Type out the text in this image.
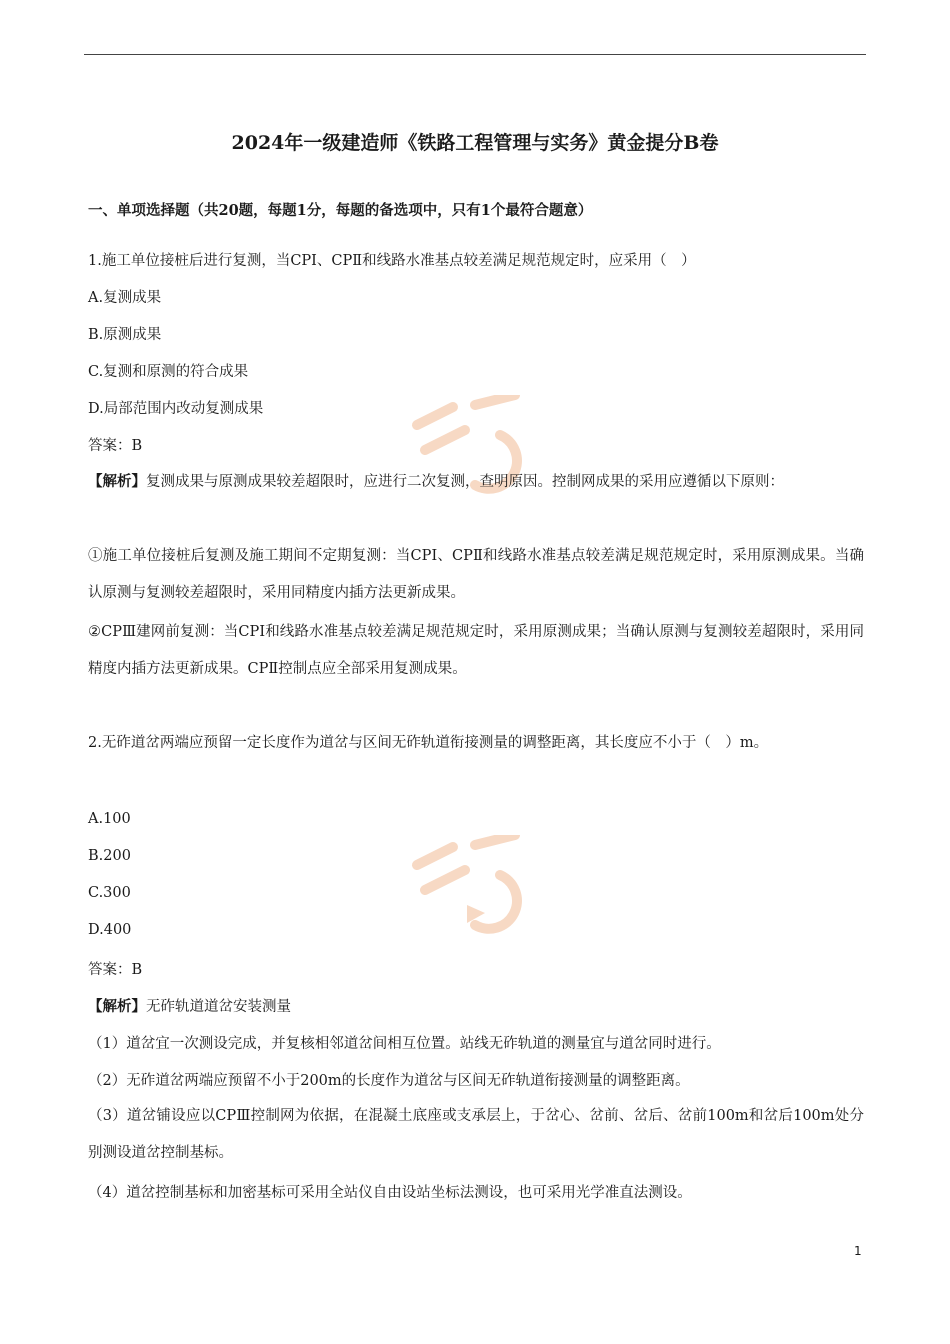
2024年一级建造师《铁路工程管理与实务》黄金提分B卷
一、单项选择题（共20题，每题1分，每题的备选项中，只有1个最符合题意）
1.施工单位接桩后进行复测，当CPⅠ、CPⅡ和线路水准基点较差满足规范规定时，应采用（　）
A.复测成果
B.原测成果
C.复测和原测的符合成果
D.局部范围内改动复测成果
答案：B
【解析】复测成果与原测成果较差超限时，应进行二次复测，查明原因。控制网成果的采用应遵循以下原则：
①施工单位接桩后复测及施工期间不定期复测：当CPⅠ、CPⅡ和线路水准基点较差满足规范规定时，采用原测成果。当确认原测与复测较差超限时，采用同精度内插方法更新成果。
②CPⅢ建网前复测：当CPⅠ和线路水准基点较差满足规范规定时，采用原测成果；当确认原测与复测较差超限时，采用同精度内插方法更新成果。CPⅡ控制点应全部采用复测成果。
2.无砟道岔两端应预留一定长度作为道岔与区间无砟轨道衔接测量的调整距离，其长度应不小于（　）m。
A.100
B.200
C.300
D.400
答案：B
【解析】无砟轨道道岔安装测量
（1）道岔宜一次测设完成，并复核相邻道岔间相互位置。站线无砟轨道的测量宜与道岔同时进行。
（2）无砟道岔两端应预留不小于200m的长度作为道岔与区间无砟轨道衔接测量的调整距离。
（3）道岔铺设应以CPⅢ控制网为依据，在混凝土底座或支承层上，于岔心、岔前、岔后、岔前100m和岔后100m处分别测设道岔控制基标。
（4）道岔控制基标和加密基标可采用全站仪自由设站坐标法测设，也可采用光学准直法测设。
1
